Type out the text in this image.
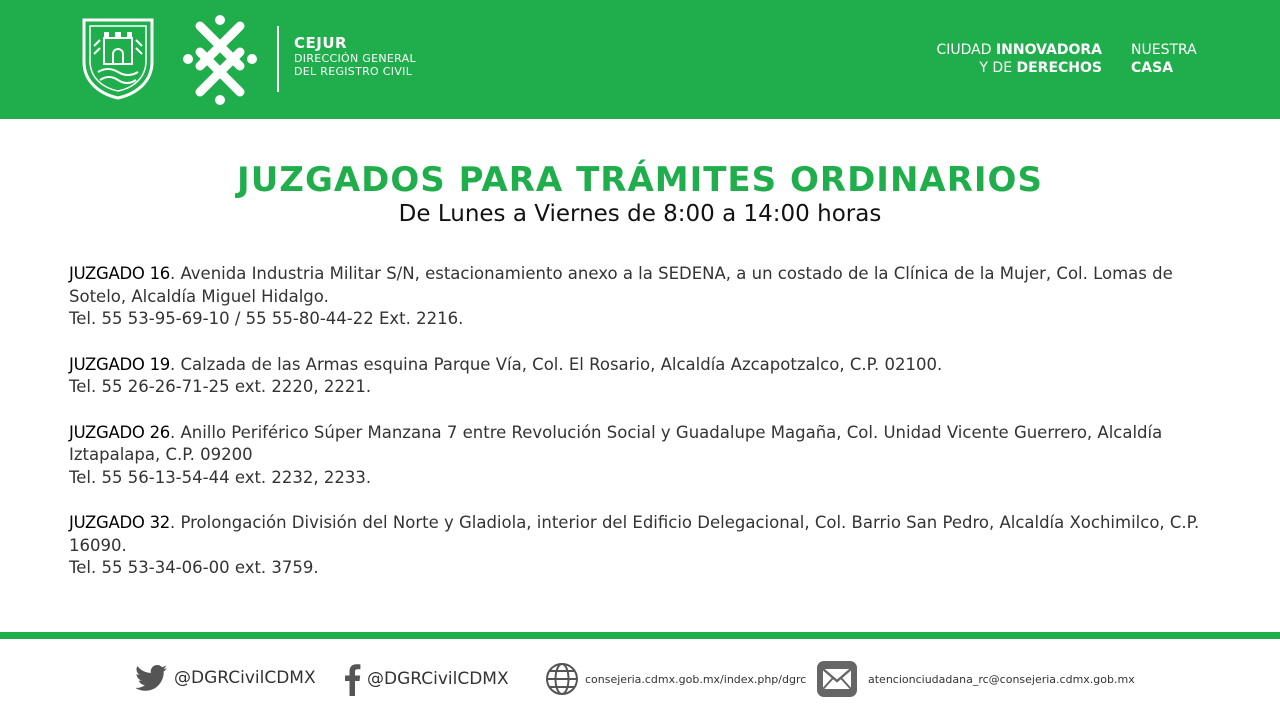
CEJUR
DIRECCIÓN GENERAL
DEL REGISTRO CIVIL
CIUDAD INNOVADORA
Y DE DERECHOS
NUESTRA
CASA
JUZGADOS PARA TRÁMITES ORDINARIOS
De Lunes a Viernes de 8:00 a 14:00 horas
JUZGADO 16. Avenida Industria Militar S/N, estacionamiento anexo a la SEDENA, a un costado de la Clínica de la Mujer, Col. Lomas de Sotelo, Alcaldía Miguel Hidalgo.
Tel. 55 53-95-69-10 / 55 55-80-44-22 Ext. 2216.
JUZGADO 19. Calzada de las Armas esquina Parque Vía, Col. El Rosario, Alcaldía Azcapotzalco, C.P. 02100.
Tel. 55 26-26-71-25 ext. 2220, 2221.
JUZGADO 26. Anillo Periférico Súper Manzana 7 entre Revolución Social y Guadalupe Magaña, Col. Unidad Vicente Guerrero, Alcaldía Iztapalapa, C.P. 09200
Tel. 55 56-13-54-44 ext. 2232, 2233.
JUZGADO 32. Prolongación División del Norte y Gladiola, interior del Edificio Delegacional, Col. Barrio San Pedro, Alcaldía Xochimilco, C.P. 16090.
Tel. 55 53-34-06-00 ext. 3759.
@DGRCivilCDMX	@DGRCivilCDMX	consejeria.cdmx.gob.mx/index.php/dgrc	atencionciudadana_rc@consejeria.cdmx.gob.mx
